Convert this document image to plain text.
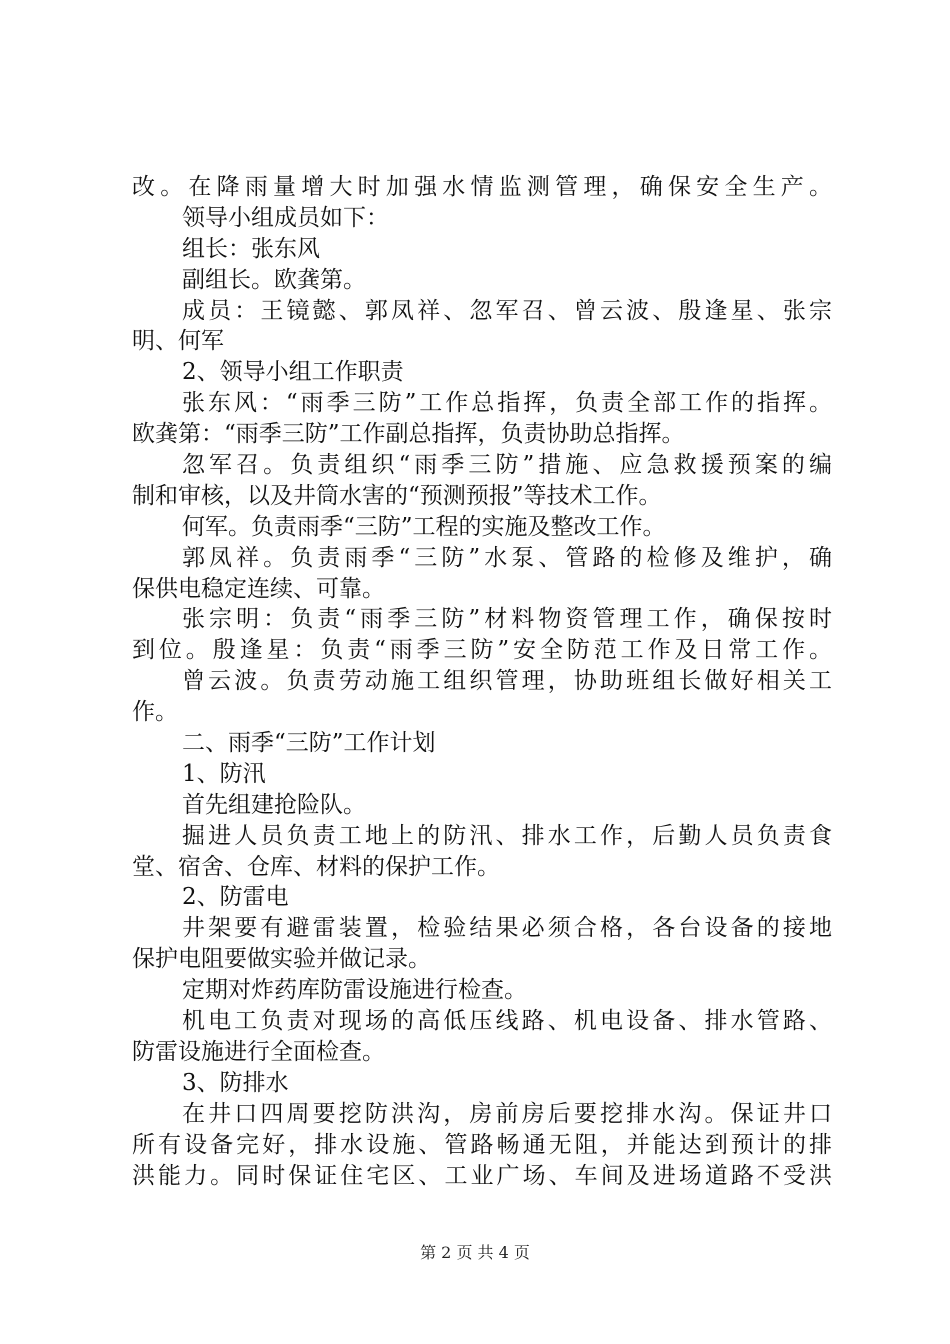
改。在降雨量增大时加强水情监测管理，确保安全生产。
领导小组成员如下：
组长：张东风
副组长。欧龚第。
成员：王镜懿、郭凤祥、忽军召、曾云波、殷逢星、张宗
明、何军
2、领导小组工作职责
张东风：“雨季三防”工作总指挥，负责全部工作的指挥。
欧龚第：“雨季三防”工作副总指挥，负责协助总指挥。
忽军召。负责组织“雨季三防”措施、应急救援预案的编
制和审核，以及井筒水害的“预测预报”等技术工作。
何军。负责雨季“三防”工程的实施及整改工作。
郭凤祥。负责雨季“三防”水泵、管路的检修及维护，确
保供电稳定连续、可靠。
张宗明：负责“雨季三防”材料物资管理工作，确保按时
到位。殷逢星：负责“雨季三防”安全防范工作及日常工作。
曾云波。负责劳动施工组织管理，协助班组长做好相关工
作。
二、雨季“三防”工作计划
1、防汛
首先组建抢险队。
掘进人员负责工地上的防汛、排水工作，后勤人员负责食
堂、宿舍、仓库、材料的保护工作。
2、防雷电
井架要有避雷装置，检验结果必须合格，各台设备的接地
保护电阻要做实验并做记录。
定期对炸药库防雷设施进行检查。
机电工负责对现场的高低压线路、机电设备、排水管路、
防雷设施进行全面检查。
3、防排水
在井口四周要挖防洪沟，房前房后要挖排水沟。保证井口
所有设备完好，排水设施、管路畅通无阻，并能达到预计的排
洪能力。同时保证住宅区、工业广场、车间及进场道路不受洪
第 2 页 共 4 页
